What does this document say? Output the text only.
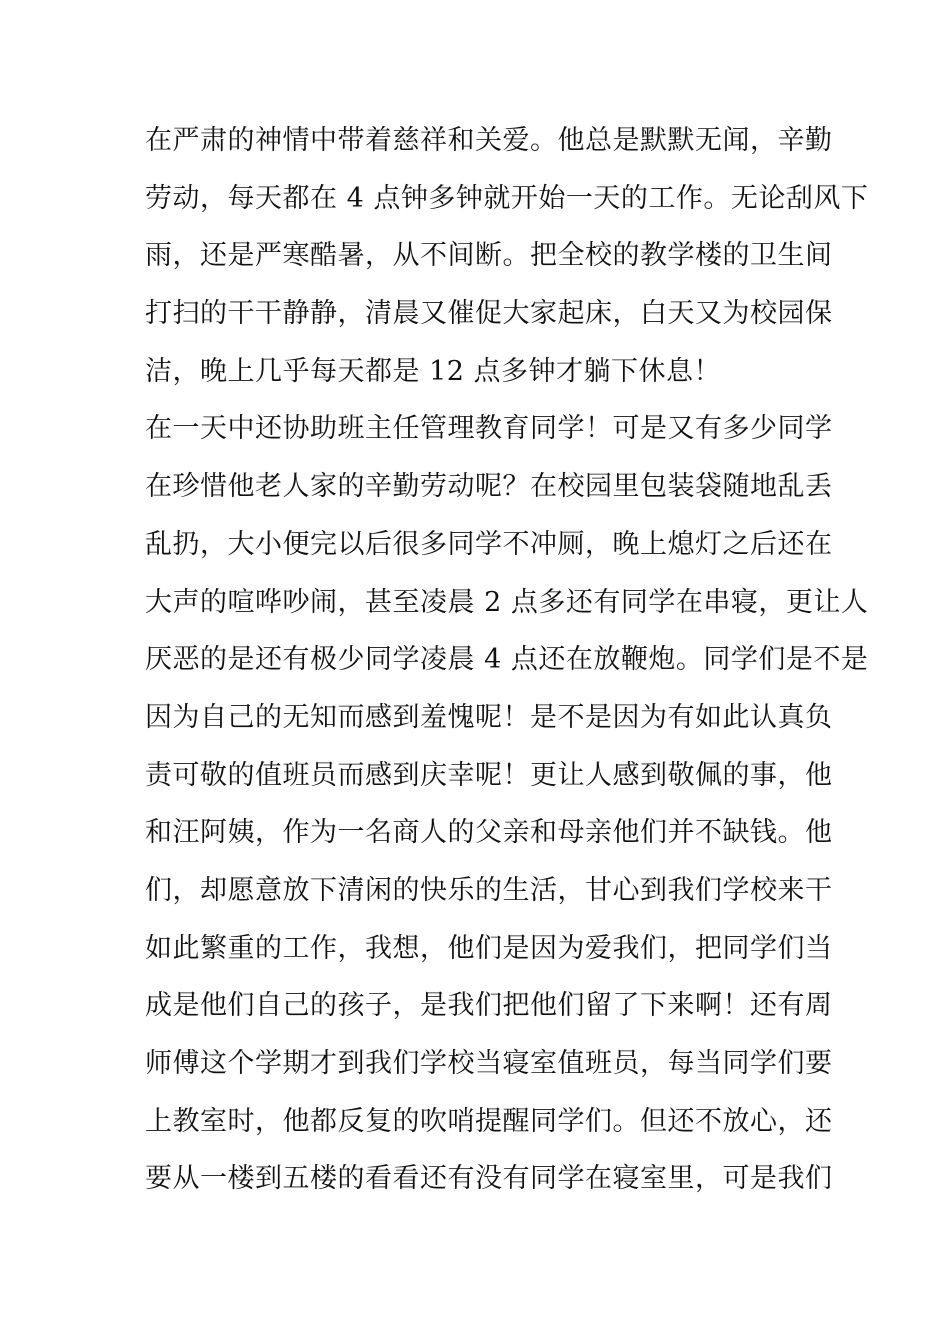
在严肃的神情中带着慈祥和关爱。他总是默默无闻，辛勤
劳动，每天都在 4 点钟多钟就开始一天的工作。无论刮风下
雨，还是严寒酷暑，从不间断。把全校的教学楼的卫生间
打扫的干干静静，清晨又催促大家起床，白天又为校园保
洁，晚上几乎每天都是 12 点多钟才躺下休息！
在一天中还协助班主任管理教育同学！可是又有多少同学
在珍惜他老人家的辛勤劳动呢？在校园里包装袋随地乱丢
乱扔，大小便完以后很多同学不冲厕，晚上熄灯之后还在
大声的喧哗吵闹，甚至凌晨 2 点多还有同学在串寝，更让人
厌恶的是还有极少同学凌晨 4 点还在放鞭炮。同学们是不是
因为自己的无知而感到羞愧呢！是不是因为有如此认真负
责可敬的值班员而感到庆幸呢！更让人感到敬佩的事，他
和汪阿姨，作为一名商人的父亲和母亲他们并不缺钱。他
们，却愿意放下清闲的快乐的生活，甘心到我们学校来干
如此繁重的工作，我想，他们是因为爱我们，把同学们当
成是他们自己的孩子，是我们把他们留了下来啊！还有周
师傅这个学期才到我们学校当寝室值班员，每当同学们要
上教室时，他都反复的吹哨提醒同学们。但还不放心，还
要从一楼到五楼的看看还有没有同学在寝室里，可是我们
